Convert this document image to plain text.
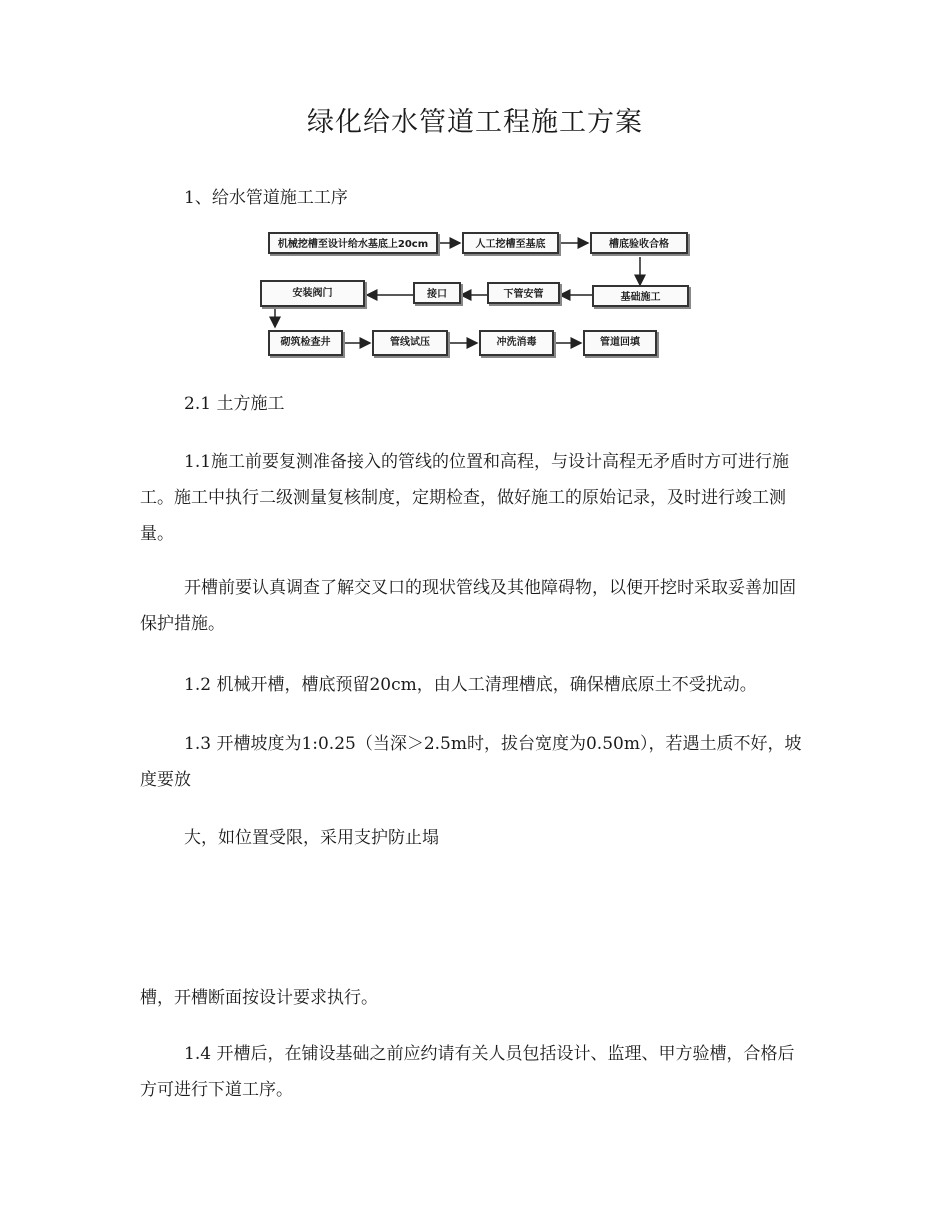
绿化给水管道工程施工方案

1、给水管道施工工序

机械挖槽至设计给水基底上20cm	人工挖槽至基底	槽底验收合格
基础施工
下管安管
接口
安装阀门
砌筑检查井	管线试压	冲洗消毒	管道回填

2.1 土方施工

1.1施工前要复测准备接入的管线的位置和高程，与设计高程无矛盾时方可进行施工。施工中执行二级测量复核制度，定期检查，做好施工的原始记录，及时进行竣工测量。

开槽前要认真调查了解交叉口的现状管线及其他障碍物，以便开挖时采取妥善加固保护措施。

1.2 机械开槽，槽底预留20cm，由人工清理槽底，确保槽底原土不受扰动。

1.3 开槽坡度为1:0.25（当深＞2.5m时，拔台宽度为0.50m），若遇土质不好，坡度要放

大，如位置受限，采用支护防止塌

槽，开槽断面按设计要求执行。

1.4 开槽后，在铺设基础之前应约请有关人员包括设计、监理、甲方验槽，合格后方可进行下道工序。
